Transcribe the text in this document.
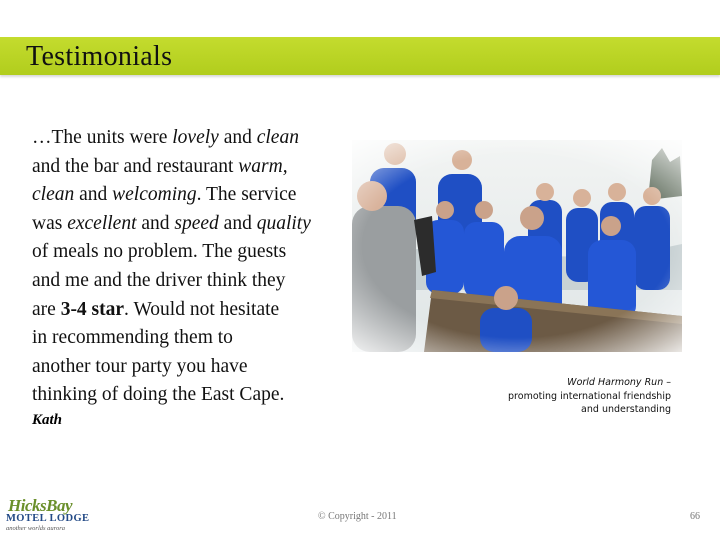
Testimonials
…The units were lovely and clean
and the bar and restaurant warm,
clean and welcoming. The service
was excellent and speed and quality
of meals no problem. The guests
and me and the driver think they
are 3-4 star. Would not hesitate
in recommending them to
another tour party you have
thinking of doing the East Cape.
Kath
World Harmony Run –
promoting international friendship
and understanding
HicksBay
MOTEL LODGE
another worlds aurora
© Copyright - 2011	66
